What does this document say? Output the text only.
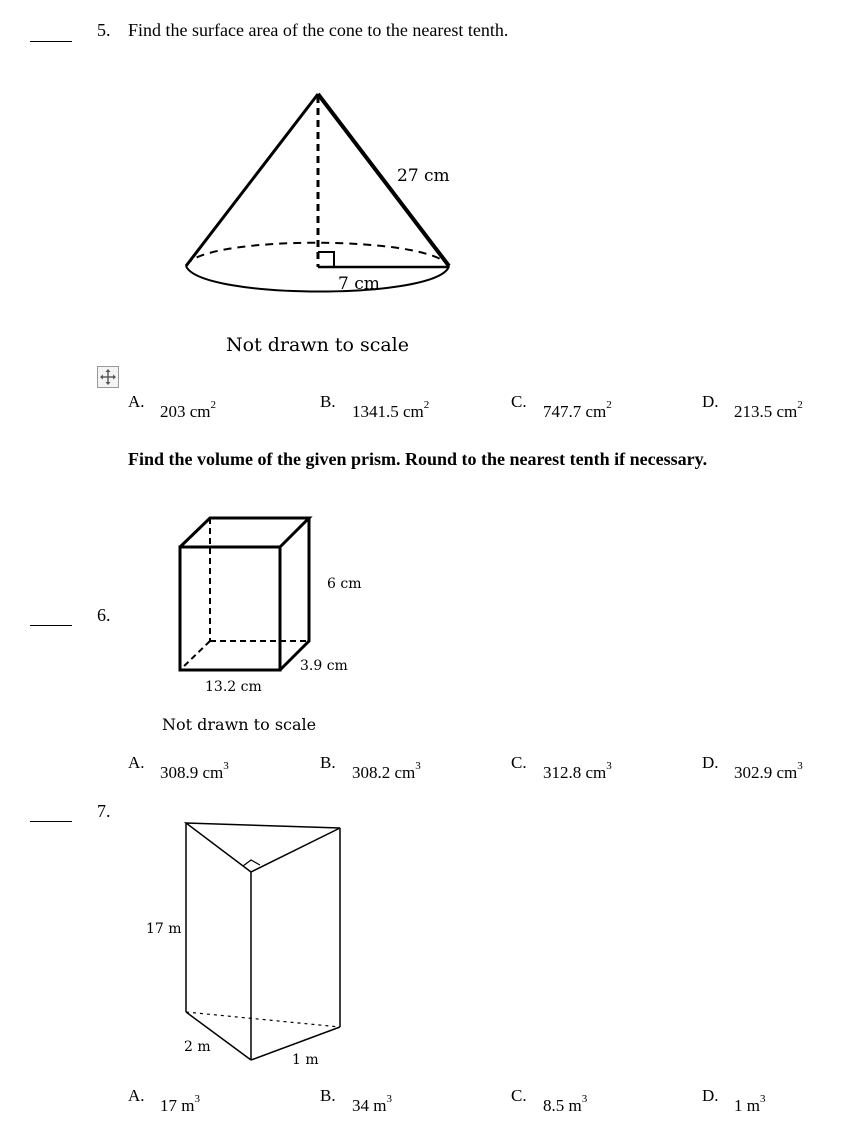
5. Find the surface area of the cone to the nearest tenth.
27 cm
7 cm
Not drawn to scale
A.
203 $cm^2$	B.
1341.5 $cm^2$	C.
747.7 $cm^2$	D.
213.5 $cm^2$
Find the volume of the given prism. Round to the nearest tenth if necessary.
6.
6 cm
3.9 cm
13.2 cm
Not drawn to scale
A.
308.9 $cm^3$	B.
308.2 $cm^3$	C.
312.8 $cm^3$	D.
302.9 $cm^3$
7.
17 m
2 m
1 m
A.
17 $m^3$	B.
34 $m^3$	C.
8.5 $m^3$	D.
1 $m^3$
